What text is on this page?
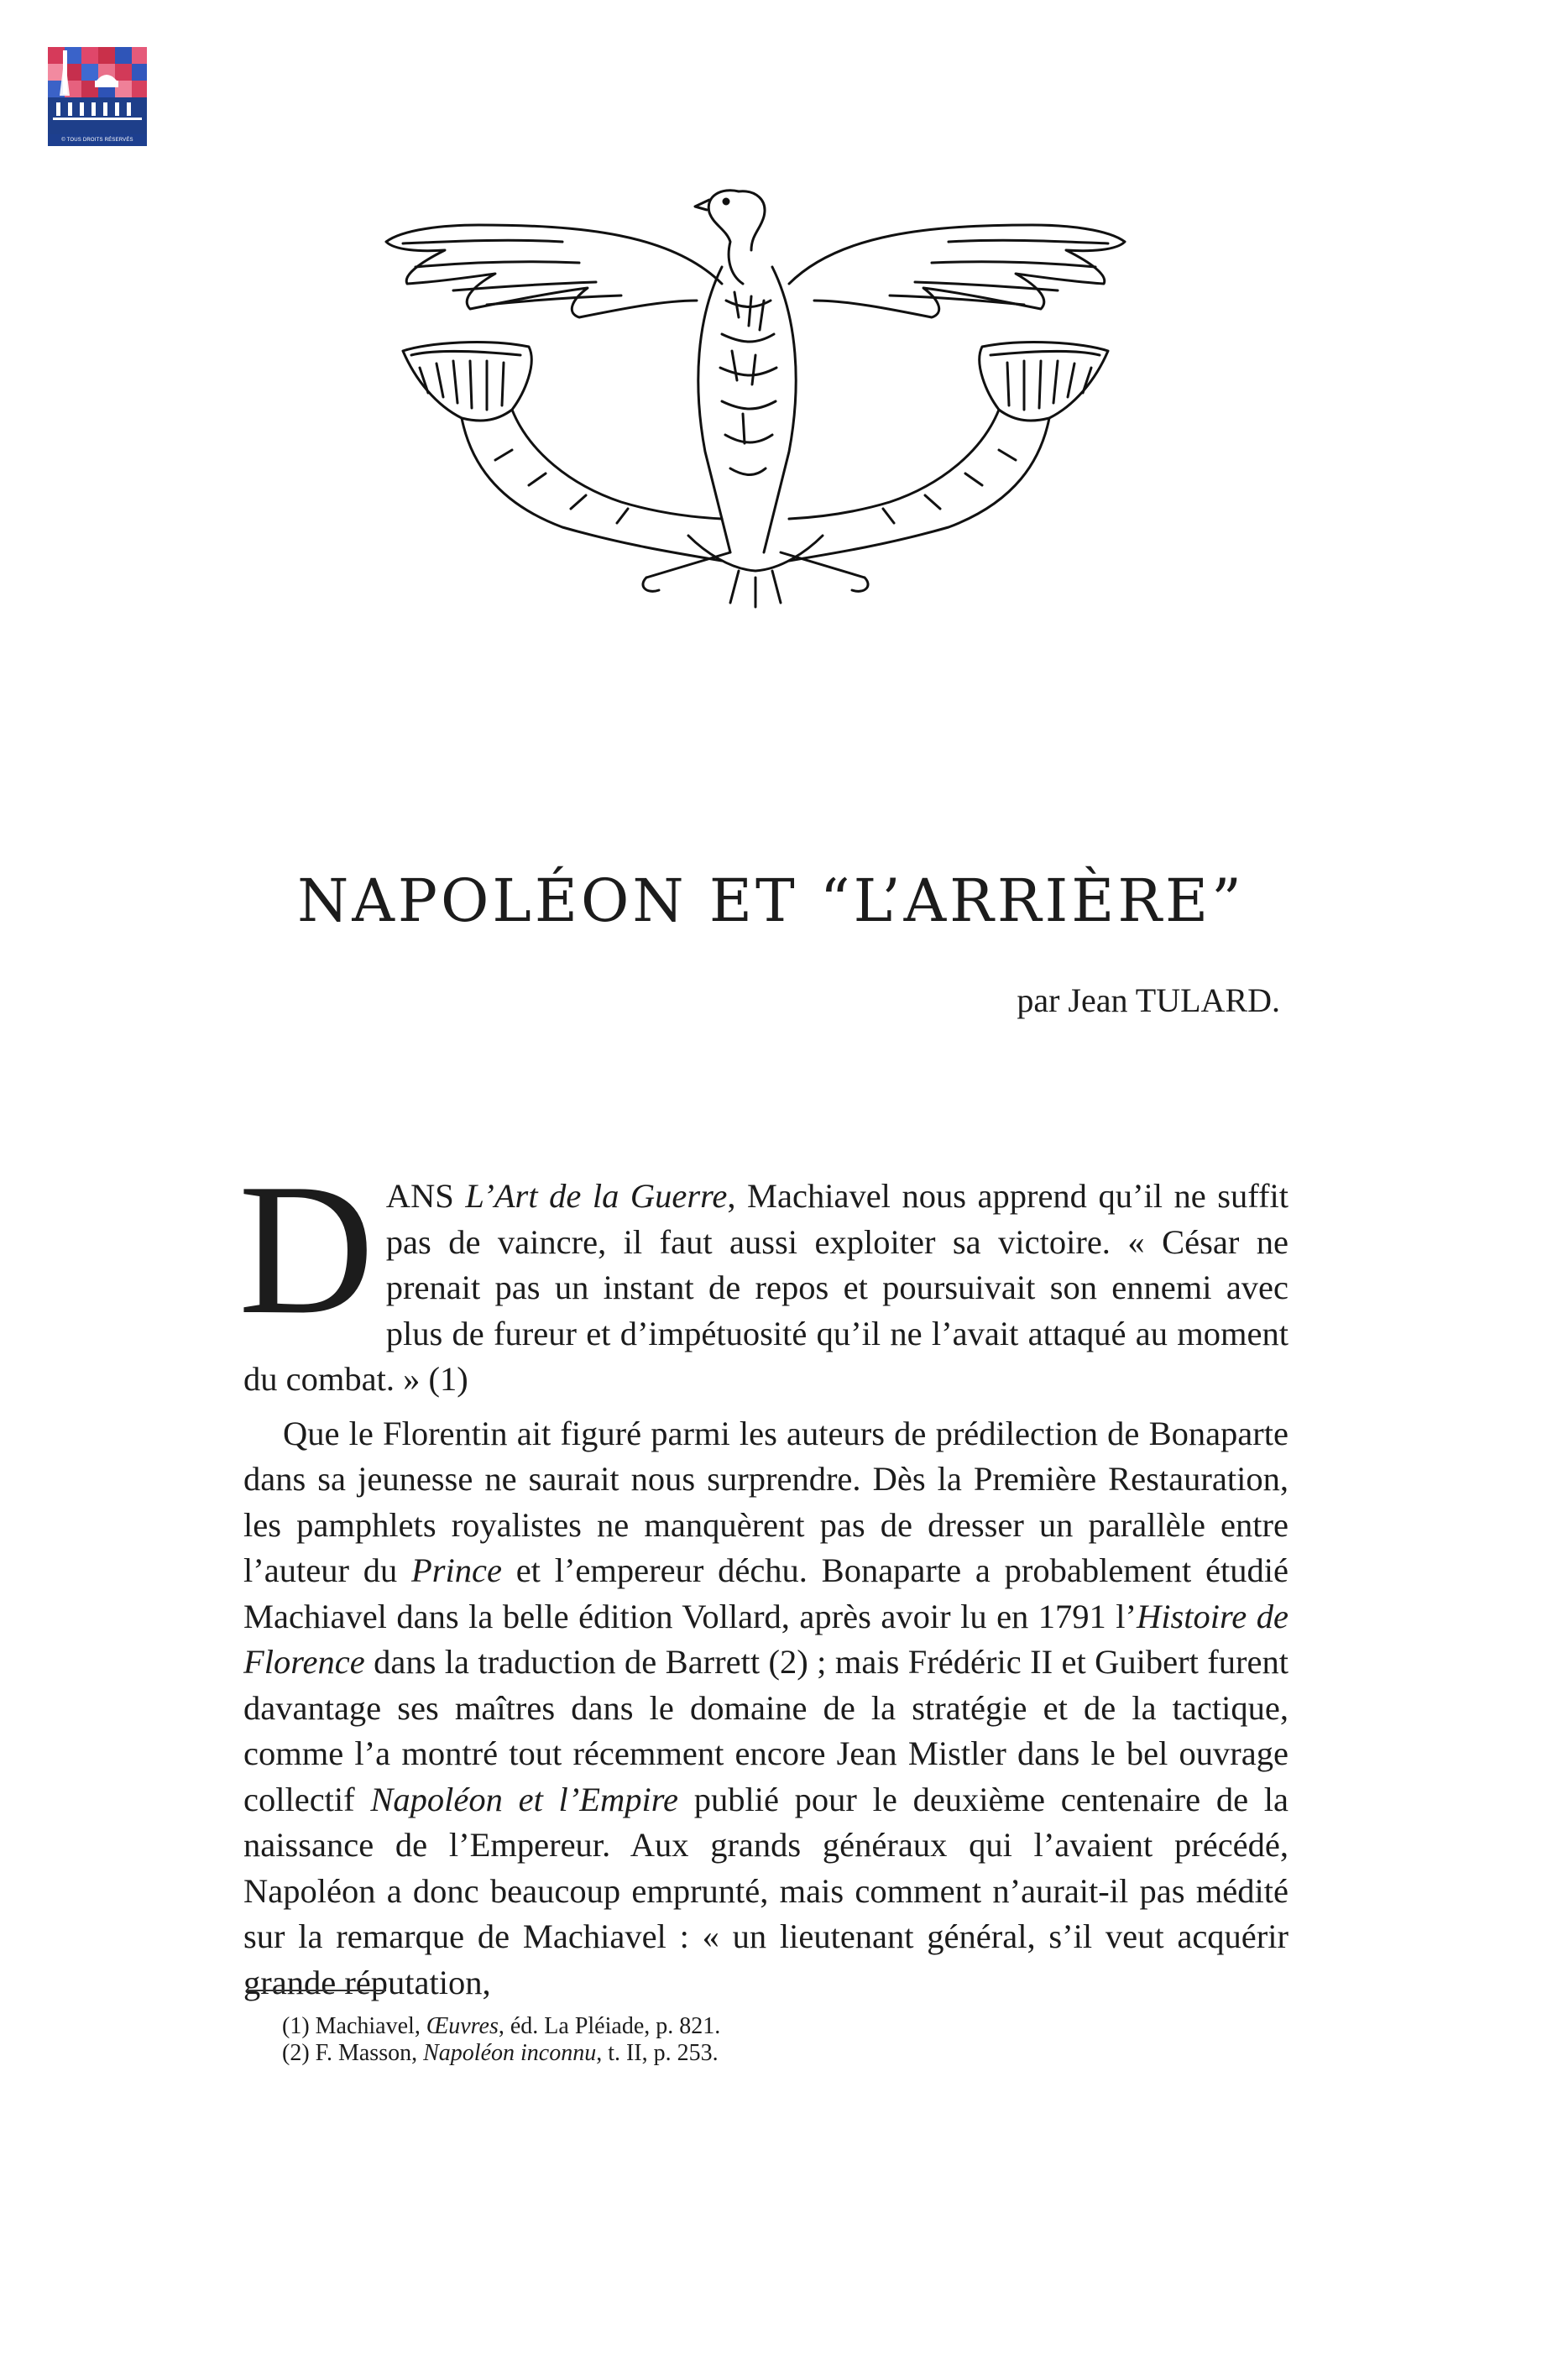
© TOUS DROITS RÉSERVÉS
NAPOLÉON ET “L’ARRIÈRE”
par Jean TULARD.

DANS L’Art de la Guerre, Machiavel nous apprend qu’il ne suffit pas de vaincre, il faut aussi exploiter sa victoire. « César ne prenait pas un instant de repos et poursuivait son ennemi avec plus de fureur et d’impétuosité qu’il ne l’avait attaqué au moment du combat. » (1)

Que le Florentin ait figuré parmi les auteurs de prédilection de Bonaparte dans sa jeunesse ne saurait nous surprendre. Dès la Première Restauration, les pamphlets royalistes ne manquèrent pas de dresser un parallèle entre l’auteur du Prince et l’empereur déchu. Bonaparte a probablement étudié Machiavel dans la belle édition Vollard, après avoir lu en 1791 l’Histoire de Florence dans la traduction de Barrett (2) ; mais Frédéric II et Guibert furent davantage ses maîtres dans le domaine de la stratégie et de la tactique, comme l’a montré tout récemment encore Jean Mistler dans le bel ouvrage collectif Napoléon et l’Empire publié pour le deuxième centenaire de la naissance de l’Empereur. Aux grands généraux qui l’avaient précédé, Napoléon a donc beaucoup emprunté, mais comment n’aurait-il pas médité sur la remarque de Machiavel : « un lieutenant général, s’il veut acquérir grande réputation,

(1) Machiavel, Œuvres, éd. La Pléiade, p. 821.
(2) F. Masson, Napoléon inconnu, t. II, p. 253.
